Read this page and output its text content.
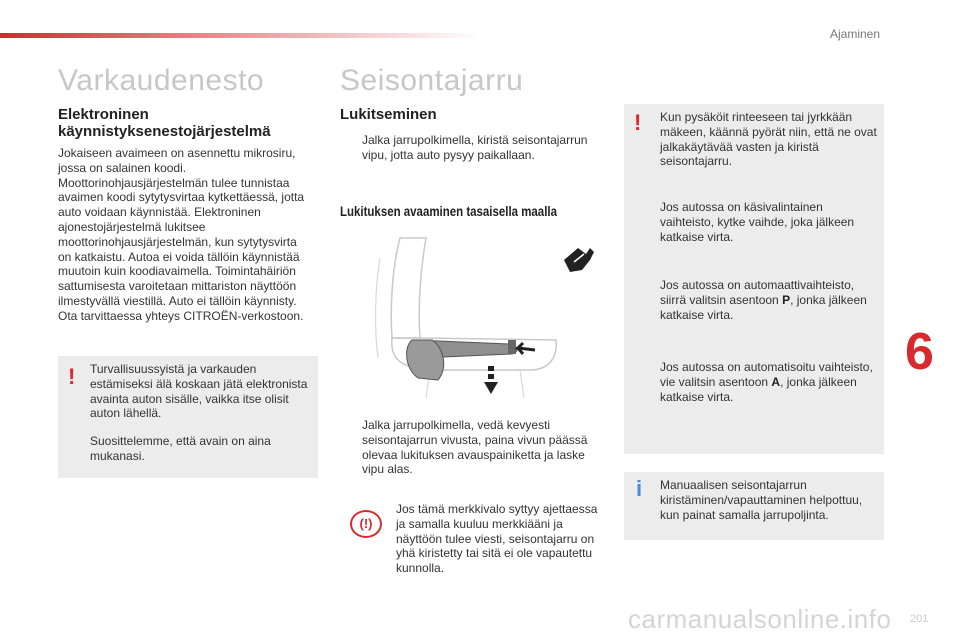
Ajaminen
Varkaudenesto
Elektroninen käynnistyksenestojärjestelmä
Jokaiseen avaimeen on asennettu mikrosiru, jossa on salainen koodi. Moottorinohjausjärjestelmän tulee tunnistaa avaimen koodi sytytysvirtaa kytkettäessä, jotta auto voidaan käynnistää. Elektroninen ajonestojärjestelmä lukitsee moottorinohjausjärjestelmän, kun sytytysvirta on katkaistu. Autoa ei voida tällöin käynnistää muutoin kuin koodiavaimella. Toimintahäiriön sattumisesta varoitetaan mittariston näyttöön ilmestyvällä viestillä. Auto ei tällöin käynnisty. Ota tarvittaessa yhteys CITROËN-verkostoon.
! Turvallisuussyistä ja varkauden estämiseksi älä koskaan jätä elektronista avainta auton sisälle, vaikka itse olisit auton lähellä.
Suosittelemme, että avain on aina mukanasi.
Seisontajarru
Lukitseminen
Jalka jarrupolkimella, kiristä seisontajarrun vipu, jotta auto pysyy paikallaan.
Lukituksen avaaminen tasaisella maalla
Jalka jarrupolkimella, vedä kevyesti seisontajarrun vivusta, paina vivun päässä olevaa lukituksen avauspainiketta ja laske vipu alas.
(!)
Jos tämä merkkivalo syttyy ajettaessa ja samalla kuuluu merkkiääni ja näyttöön tulee viesti, seisontajarru on yhä kiristetty tai sitä ei ole vapautettu kunnolla.
! Kun pysäköit rinteeseen tai jyrkkään mäkeen, käännä pyörät niin, että ne ovat jalkakäytävää vasten ja kiristä seisontajarru.
Jos autossa on käsivalintainen vaihteisto, kytke vaihde, joka jälkeen katkaise virta.
Jos autossa on automaattivaihteisto, siirrä valitsin asentoon P, jonka jälkeen katkaise virta.
Jos autossa on automatisoitu vaihteisto, vie valitsin asentoon A, jonka jälkeen katkaise virta.
i Manuaalisen seisontajarrun kiristäminen/vapauttaminen helpottuu, kun painat samalla jarrupoljinta.
6
carmanualsonline.info 201
